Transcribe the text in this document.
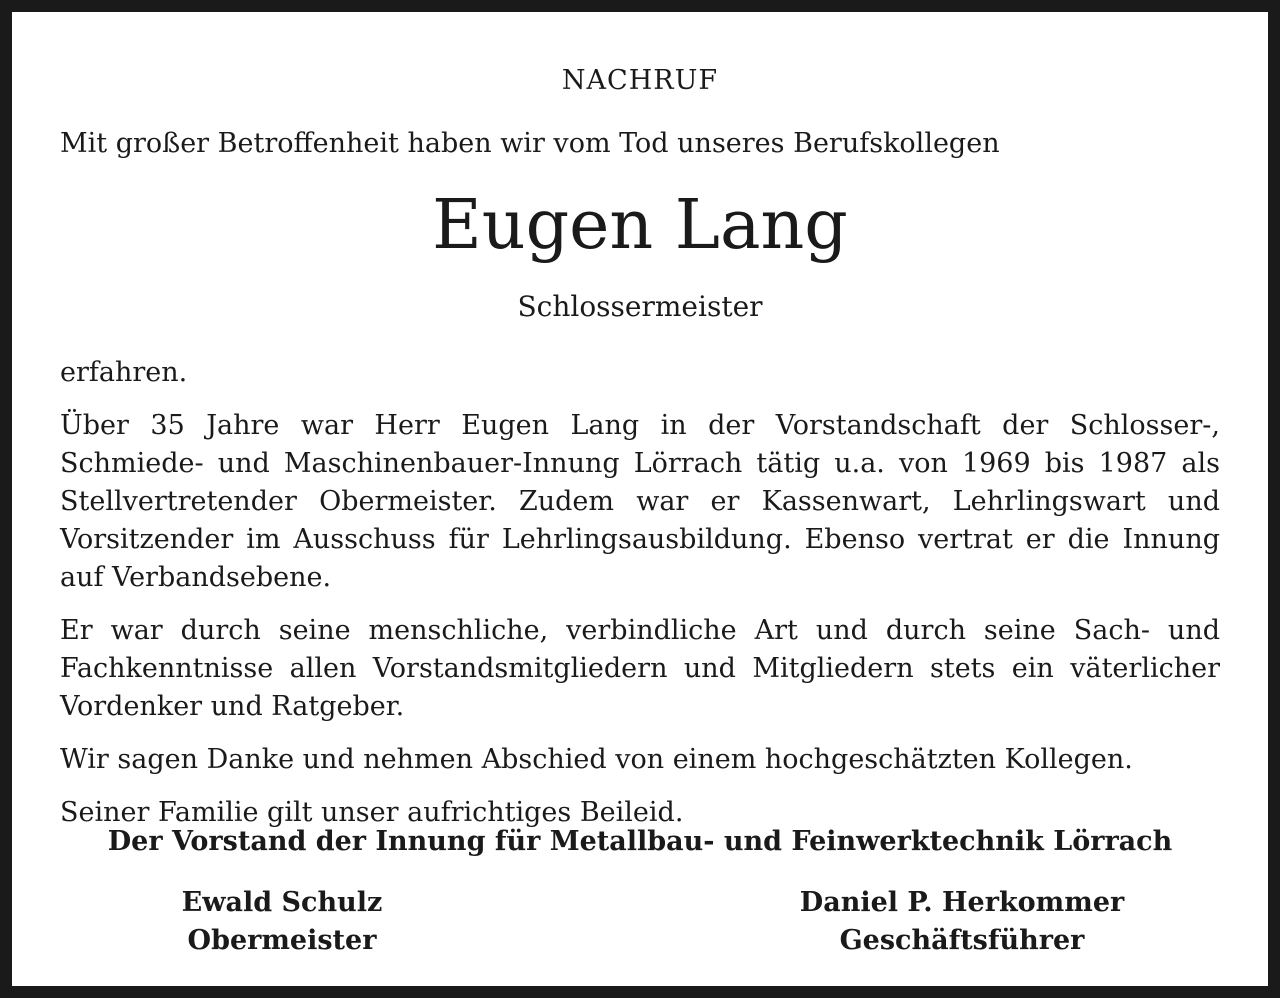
NACHRUF
Mit großer Betroffenheit haben wir vom Tod unseres Berufskollegen
Eugen Lang
Schlossermeister

erfahren.

Über 35 Jahre war Herr Eugen Lang in der Vorstandschaft der Schlosser-, Schmiede- und Maschinenbauer-Innung Lörrach tätig u.a. von 1969 bis 1987 als Stellvertretender Obermeister. Zudem war er Kassenwart, Lehrlingswart und Vorsitzender im Ausschuss für Lehrlingsausbildung. Ebenso vertrat er die Innung auf Verbandsebene.

Er war durch seine menschliche, verbindliche Art und durch seine Sach- und Fachkenntnisse allen Vorstandsmitgliedern und Mitgliedern stets ein väterlicher Vordenker und Ratgeber.

Wir sagen Danke und nehmen Abschied von einem hochgeschätzten Kollegen.

Seiner Familie gilt unser aufrichtiges Beileid.

Der Vorstand der Innung für Metallbau- und Feinwerktechnik Lörrach
Ewald Schulz
Obermeister
Daniel P. Herkommer
Geschäftsführer
